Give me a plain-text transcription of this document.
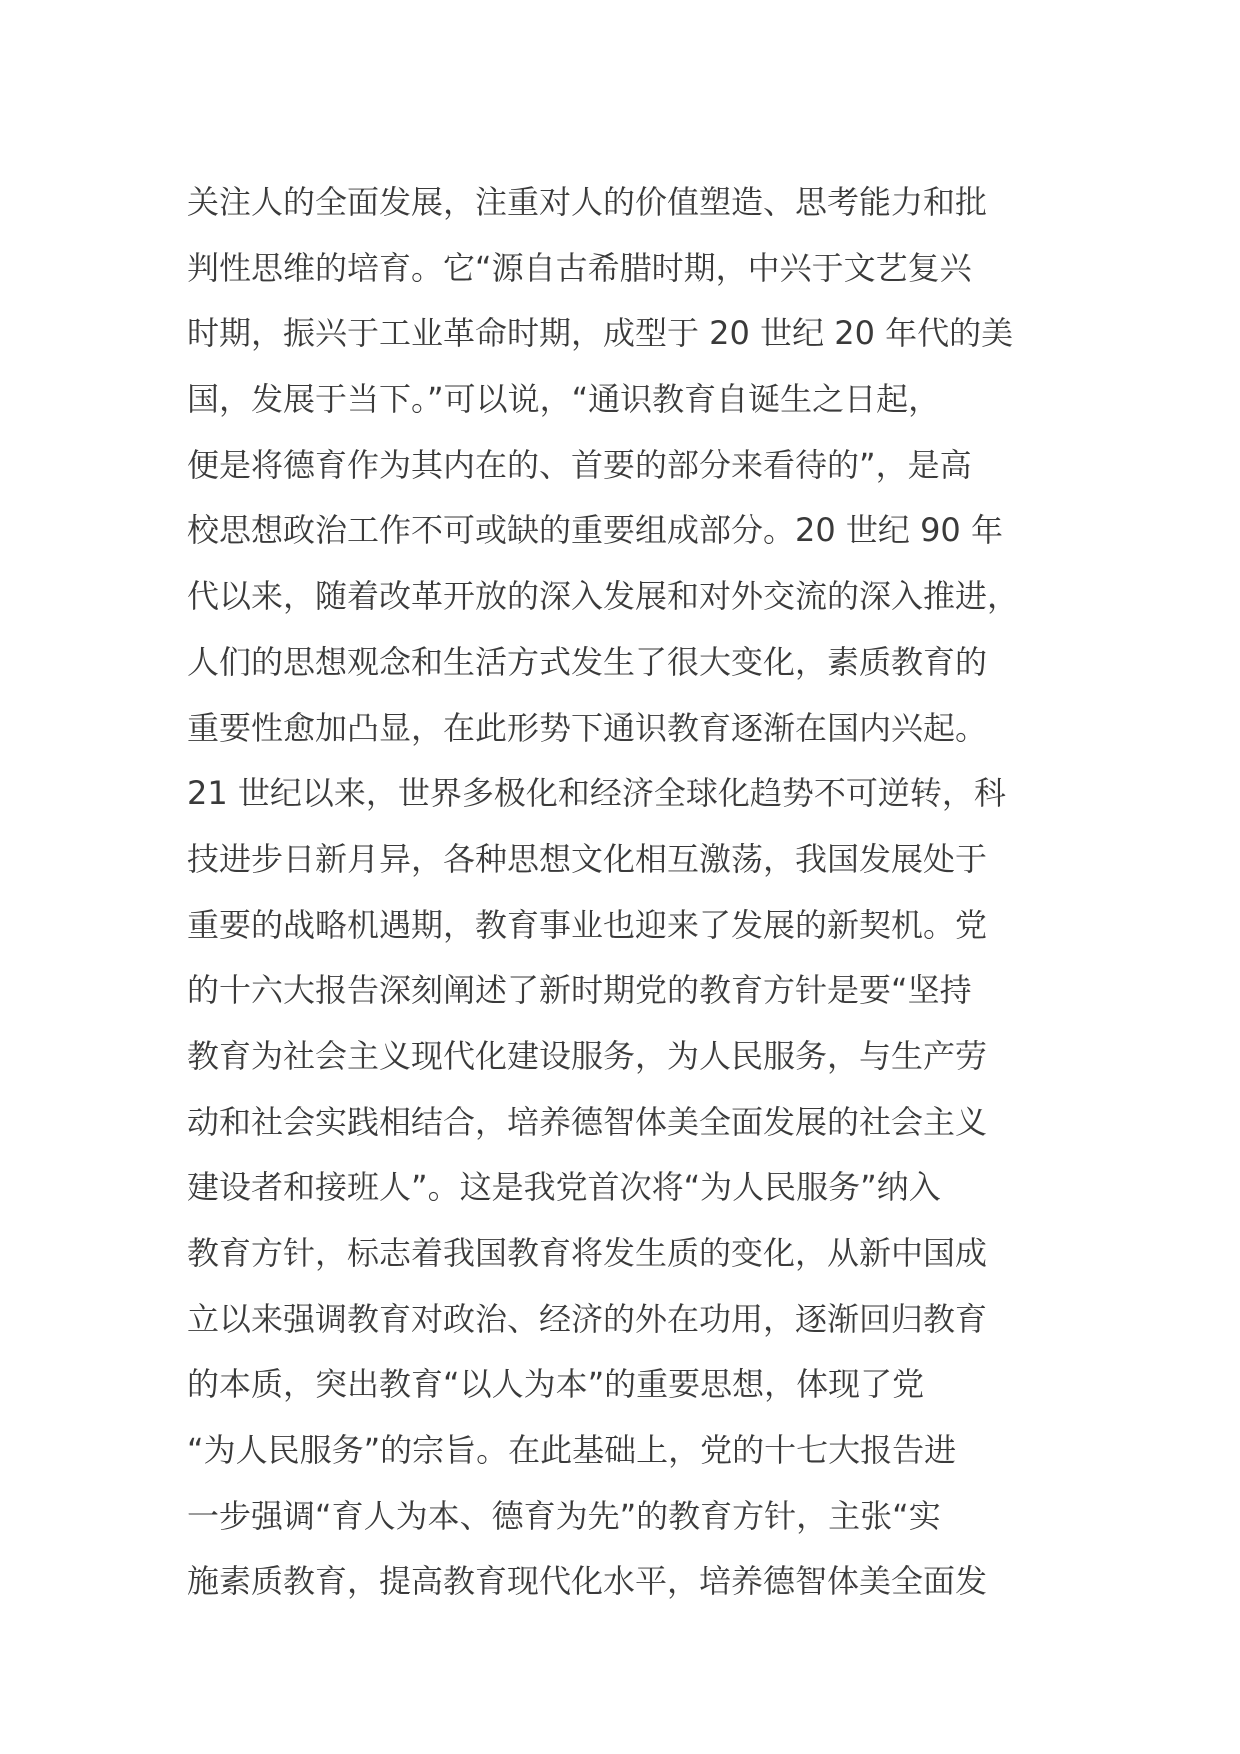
关注人的全面发展，注重对人的价值塑造、思考能力和批
判性思维的培育。它“源自古希腊时期，中兴于文艺复兴
时期，振兴于工业革命时期，成型于 20 世纪 20 年代的美
国，发展于当下。”可以说，“通识教育自诞生之日起，
便是将德育作为其内在的、首要的部分来看待的”，是高
校思想政治工作不可或缺的重要组成部分。20 世纪 90 年
代以来，随着改革开放的深入发展和对外交流的深入推进，
人们的思想观念和生活方式发生了很大变化，素质教育的
重要性愈加凸显，在此形势下通识教育逐渐在国内兴起。
21 世纪以来，世界多极化和经济全球化趋势不可逆转，科
技进步日新月异，各种思想文化相互激荡，我国发展处于
重要的战略机遇期，教育事业也迎来了发展的新契机。党
的十六大报告深刻阐述了新时期党的教育方针是要“坚持
教育为社会主义现代化建设服务，为人民服务，与生产劳
动和社会实践相结合，培养德智体美全面发展的社会主义
建设者和接班人”。这是我党首次将“为人民服务”纳入
教育方针，标志着我国教育将发生质的变化，从新中国成
立以来强调教育对政治、经济的外在功用，逐渐回归教育
的本质，突出教育“以人为本”的重要思想，体现了党
“为人民服务”的宗旨。在此基础上，党的十七大报告进
一步强调“育人为本、德育为先”的教育方针，主张“实
施素质教育，提高教育现代化水平，培养德智体美全面发
